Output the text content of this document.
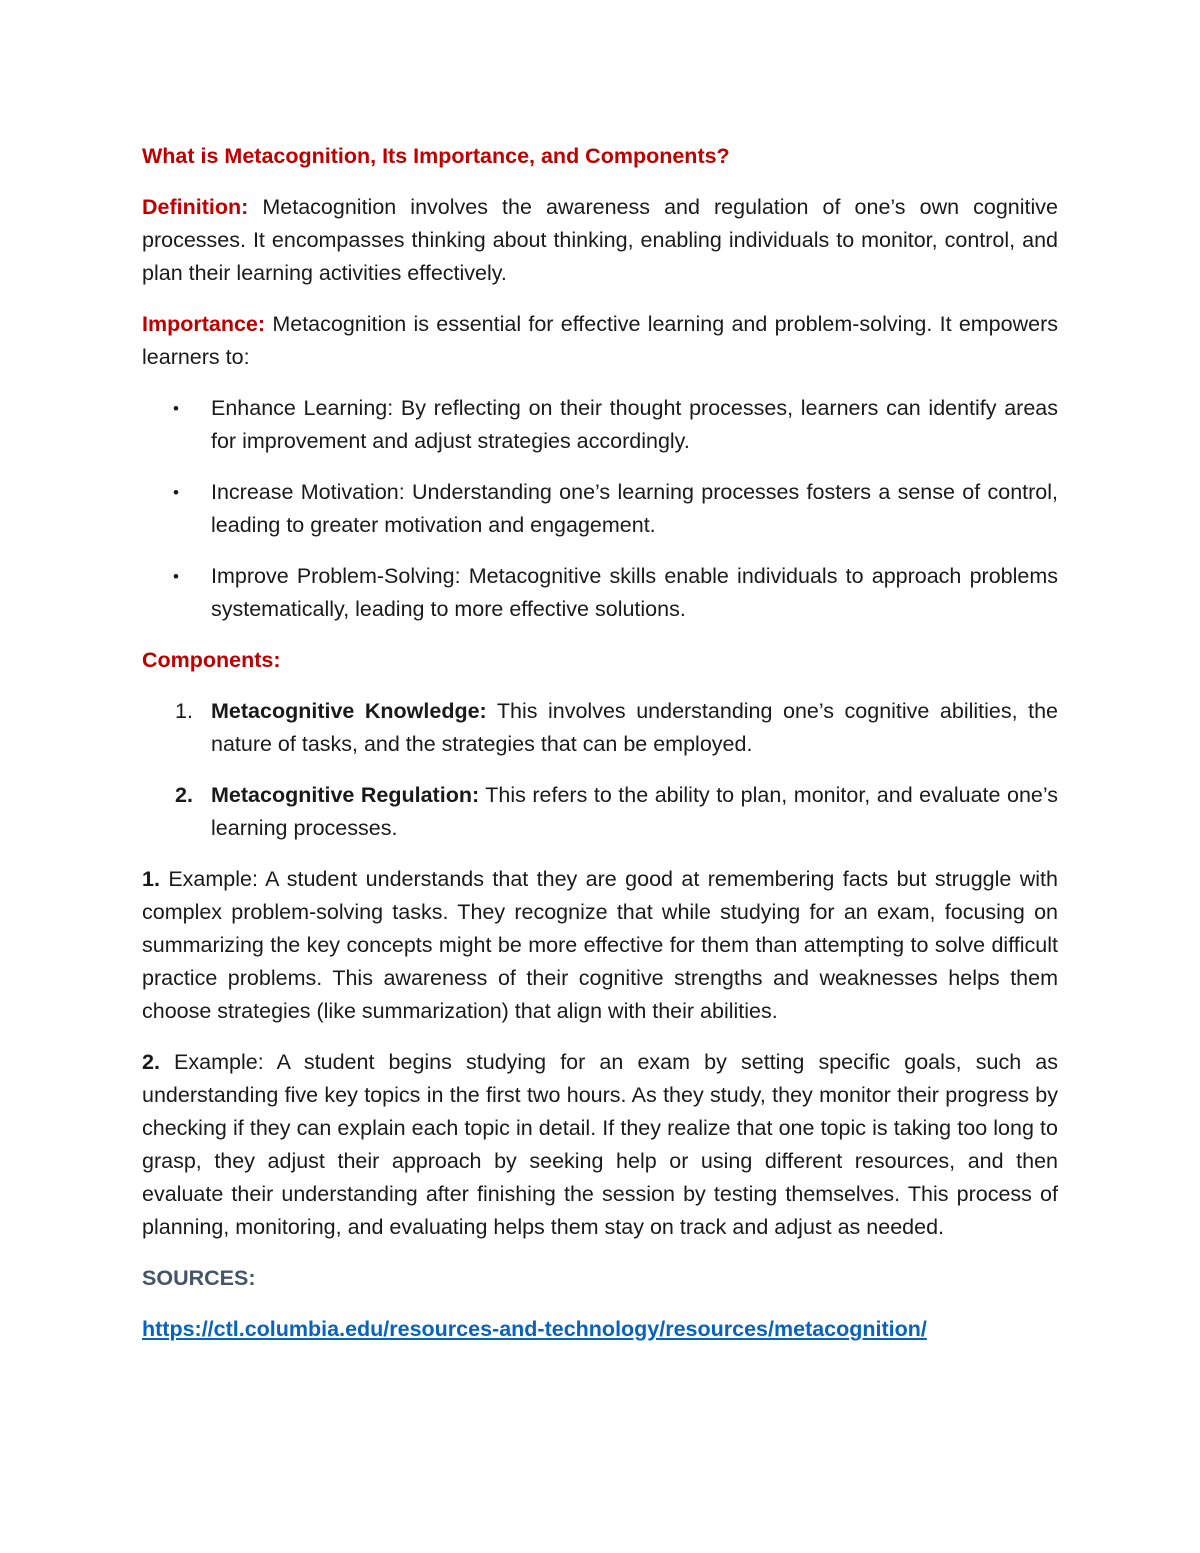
What is Metacognition, Its Importance, and Components?

Definition: Metacognition involves the awareness and regulation of one’s own cognitive processes. It encompasses thinking about thinking, enabling individuals to monitor, control, and plan their learning activities effectively.

Importance: Metacognition is essential for effective learning and problem-solving. It empowers learners to:

• Enhance Learning: By reflecting on their thought processes, learners can identify areas for improvement and adjust strategies accordingly.
• Increase Motivation: Understanding one’s learning processes fosters a sense of control, leading to greater motivation and engagement.
• Improve Problem-Solving: Metacognitive skills enable individuals to approach problems systematically, leading to more effective solutions.

Components:

1. Metacognitive Knowledge: This involves understanding one’s cognitive abilities, the nature of tasks, and the strategies that can be employed.
2. Metacognitive Regulation: This refers to the ability to plan, monitor, and evaluate one’s learning processes.

1. Example: A student understands that they are good at remembering facts but struggle with complex problem-solving tasks. They recognize that while studying for an exam, focusing on summarizing the key concepts might be more effective for them than attempting to solve difficult practice problems. This awareness of their cognitive strengths and weaknesses helps them choose strategies (like summarization) that align with their abilities.

2. Example: A student begins studying for an exam by setting specific goals, such as understanding five key topics in the first two hours. As they study, they monitor their progress by checking if they can explain each topic in detail. If they realize that one topic is taking too long to grasp, they adjust their approach by seeking help or using different resources, and then evaluate their understanding after finishing the session by testing themselves. This process of planning, monitoring, and evaluating helps them stay on track and adjust as needed.

SOURCES:

https://ctl.columbia.edu/resources-and-technology/resources/metacognition/
